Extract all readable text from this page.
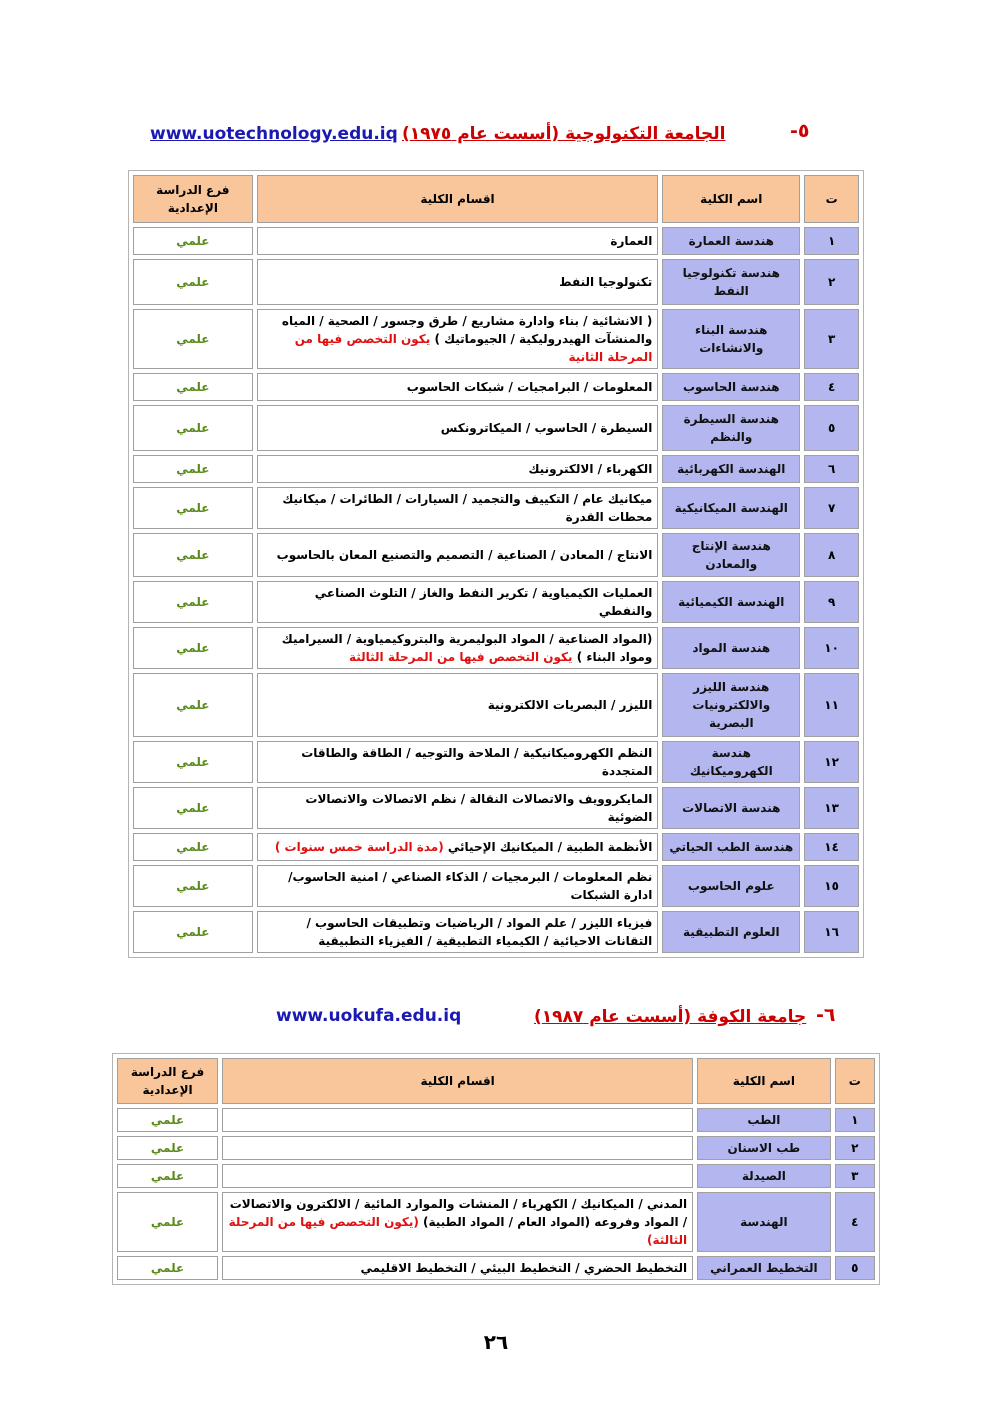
-٥
الجامعة التكنولوجية (أسست عام ١٩٧٥)
www.uotechnology.edu.iq
ت	اسم الكلية	اقسام الكلية	فرع الدراسة الإعدادية
١	هندسة العمارة	العمارة	علمي
٢	هندسة تكنولوجيا النفط	تكنولوجيا النفط	علمي
٣	هندسة البناء والانشاءات	( الانشائية / بناء وادارة مشاريع / طرق وجسور / الصحية / المياه والمنشآت الهيدروليكية / الجيوماتيك ) يكون التخصص فيها من المرحلة الثانية	علمي
٤	هندسة الحاسوب	المعلومات / البرامجيات / شبكات الحاسوب	علمي
٥	هندسة السيطرة والنظم	السيطرة / الحاسوب / الميكاترونكس	علمي
٦	الهندسة الكهربائية	الكهرباء / الالكترونيك	علمي
٧	الهندسة الميكانيكية	ميكانيك عام / التكييف والتجميد / السيارات / الطائرات / ميكانيك محطات القدرة	علمي
٨	هندسة الإنتاج والمعادن	الانتاج / المعادن / الصناعية / التصميم والتصنيع المعان بالحاسوب	علمي
٩	الهندسة الكيميائية	العمليات الكيمياوية / تكرير النفط والغاز / التلوث الصناعي والنفطي	علمي
١٠	هندسة المواد	(المواد الصناعية / المواد البوليمرية والبتروكيمياوية / السيراميك ومواد البناء ) يكون التخصص فيها من المرحلة الثالثة	علمي
١١	هندسة الليزر والالكترونيات البصرية	الليزر / البصريات الالكترونية	علمي
١٢	هندسة الكهروميكانيك	النظم الكهروميكانيكية / الملاحة والتوجيه / الطاقة والطاقات المتجددة	علمي
١٣	هندسة الاتصالات	المايكروويف والاتصالات النقالة / نظم الاتصالات والاتصالات الضوئية	علمي
١٤	هندسة الطب الحياتي	الأنظمة الطبية / الميكانيك الإحيائي (مدة الدراسة خمس سنوات )	علمي
١٥	علوم الحاسوب	نظم المعلومات / البرمجيات / الذكاء الصناعي / امنية الحاسوب/ ادارة الشبكات	علمي
١٦	العلوم التطبيقية	فيزياء الليزر / علم المواد / الرياضيات وتطبيقات الحاسوب / التقانات الاحيائية / الكيمياء التطبيقية / الفيزياء التطبيقية	علمي
-٦
جامعة الكوفة (أسست عام ١٩٨٧)
www.uokufa.edu.iq
ت	اسم الكلية	اقسام الكلية	فرع الدراسة الإعدادية
١	الطب		علمي
٢	طب الاسنان		علمي
٣	الصيدلة		علمي
٤	الهندسة	المدني / الميكانيك / الكهرباء / المنشات والموارد المائية / الالكترون والاتصالات / المواد وفروعه (المواد العام / المواد الطبية) (يكون التخصص فيها من المرحلة الثالثة)	علمي
٥	التخطيط العمراني	التخطيط الحضري / التخطيط البيئي / التخطيط الاقليمي	علمي
٢٦
